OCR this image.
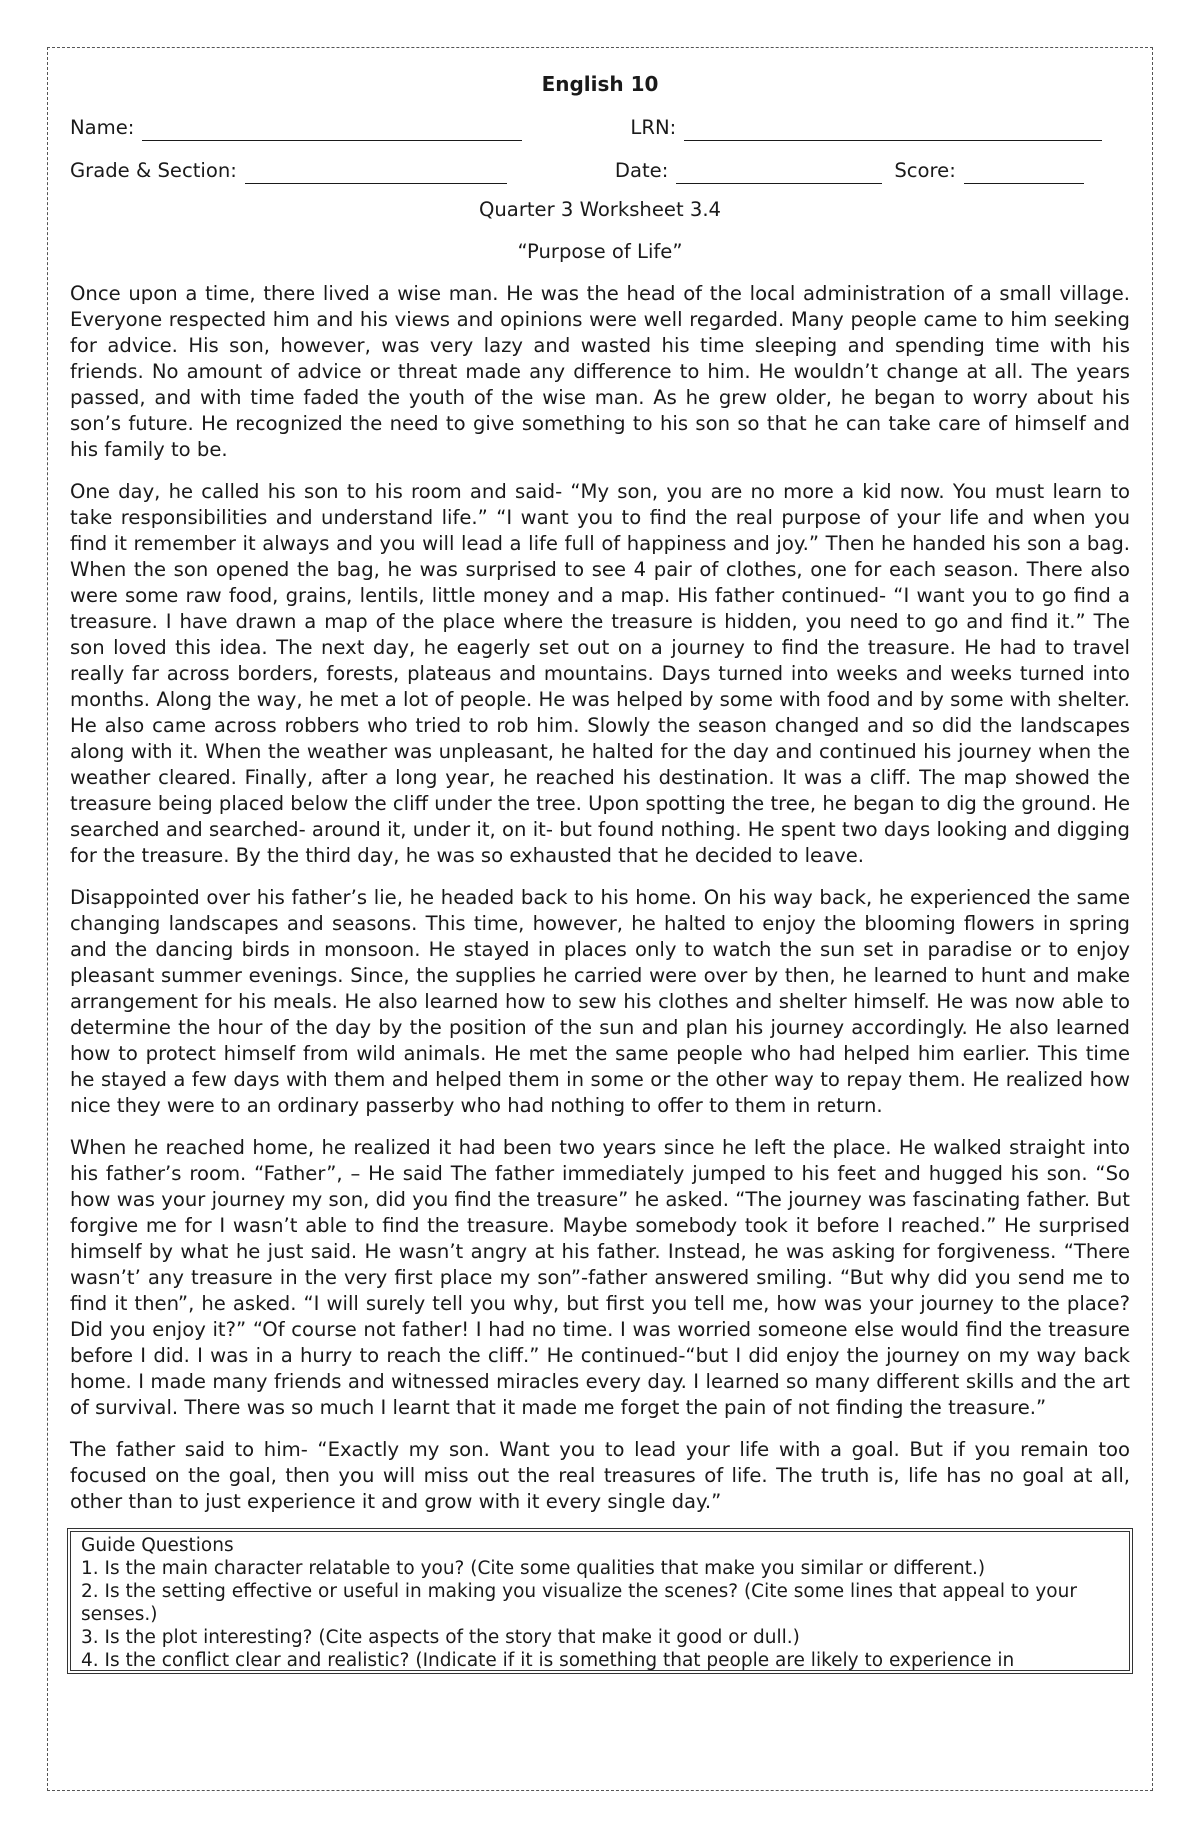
English 10
Name:	LRN:
Grade & Section:	Date:	Score:
Quarter 3 Worksheet 3.4
“Purpose of Life”

Once upon a time, there lived a wise man. He was the head of the local administration of a small village. Everyone respected him and his views and opinions were well regarded. Many people came to him seeking for advice. His son, however, was very lazy and wasted his time sleeping and spending time with his friends. No amount of advice or threat made any difference to him. He wouldn’t change at all. The years passed, and with time faded the youth of the wise man. As he grew older, he began to worry about his son’s future. He recognized the need to give something to his son so that he can take care of himself and his family to be.

One day, he called his son to his room and said- “My son, you are no more a kid now. You must learn to take responsibilities and understand life.” “I want you to find the real purpose of your life and when you find it remember it always and you will lead a life full of happiness and joy.” Then he handed his son a bag. When the son opened the bag, he was surprised to see 4 pair of clothes, one for each season. There also were some raw food, grains, lentils, little money and a map. His father continued- “I want you to go find a treasure. I have drawn a map of the place where the treasure is hidden, you need to go and find it.” The son loved this idea. The next day, he eagerly set out on a journey to find the treasure. He had to travel really far across borders, forests, plateaus and mountains. Days turned into weeks and weeks turned into months. Along the way, he met a lot of people. He was helped by some with food and by some with shelter. He also came across robbers who tried to rob him. Slowly the season changed and so did the landscapes along with it. When the weather was unpleasant, he halted for the day and continued his journey when the weather cleared. Finally, after a long year, he reached his destination. It was a cliff. The map showed the treasure being placed below the cliff under the tree. Upon spotting the tree, he began to dig the ground. He searched and searched- around it, under it, on it- but found nothing. He spent two days looking and digging for the treasure. By the third day, he was so exhausted that he decided to leave.

Disappointed over his father’s lie, he headed back to his home. On his way back, he experienced the same changing landscapes and seasons. This time, however, he halted to enjoy the blooming flowers in spring and the dancing birds in monsoon. He stayed in places only to watch the sun set in paradise or to enjoy pleasant summer evenings. Since, the supplies he carried were over by then, he learned to hunt and make arrangement for his meals. He also learned how to sew his clothes and shelter himself. He was now able to determine the hour of the day by the position of the sun and plan his journey accordingly. He also learned how to protect himself from wild animals. He met the same people who had helped him earlier. This time he stayed a few days with them and helped them in some or the other way to repay them. He realized how nice they were to an ordinary passerby who had nothing to offer to them in return.

When he reached home, he realized it had been two years since he left the place. He walked straight into his father’s room. “Father”, – He said The father immediately jumped to his feet and hugged his son. “So how was your journey my son, did you find the treasure” he asked. “The journey was fascinating father. But forgive me for I wasn’t able to find the treasure. Maybe somebody took it before I reached.” He surprised himself by what he just said. He wasn’t angry at his father. Instead, he was asking for forgiveness. “There wasn’t’ any treasure in the very first place my son”-father answered smiling. “But why did you send me to find it then”, he asked. “I will surely tell you why, but first you tell me, how was your journey to the place? Did you enjoy it?” “Of course not father! I had no time. I was worried someone else would find the treasure before I did. I was in a hurry to reach the cliff.” He continued-“but I did enjoy the journey on my way back home. I made many friends and witnessed miracles every day. I learned so many different skills and the art of survival. There was so much I learnt that it made me forget the pain of not finding the treasure.”

The father said to him- “Exactly my son. Want you to lead your life with a goal. But if you remain too focused on the goal, then you will miss out the real treasures of life. The truth is, life has no goal at all, other than to just experience it and grow with it every single day.”

Guide Questions
1. Is the main character relatable to you? (Cite some qualities that make you similar or different.)
2. Is the setting effective or useful in making you visualize the scenes? (Cite some lines that appeal to your senses.)
3. Is the plot interesting? (Cite aspects of the story that make it good or dull.)
4. Is the conflict clear and realistic? (Indicate if it is something that people are likely to experience in
